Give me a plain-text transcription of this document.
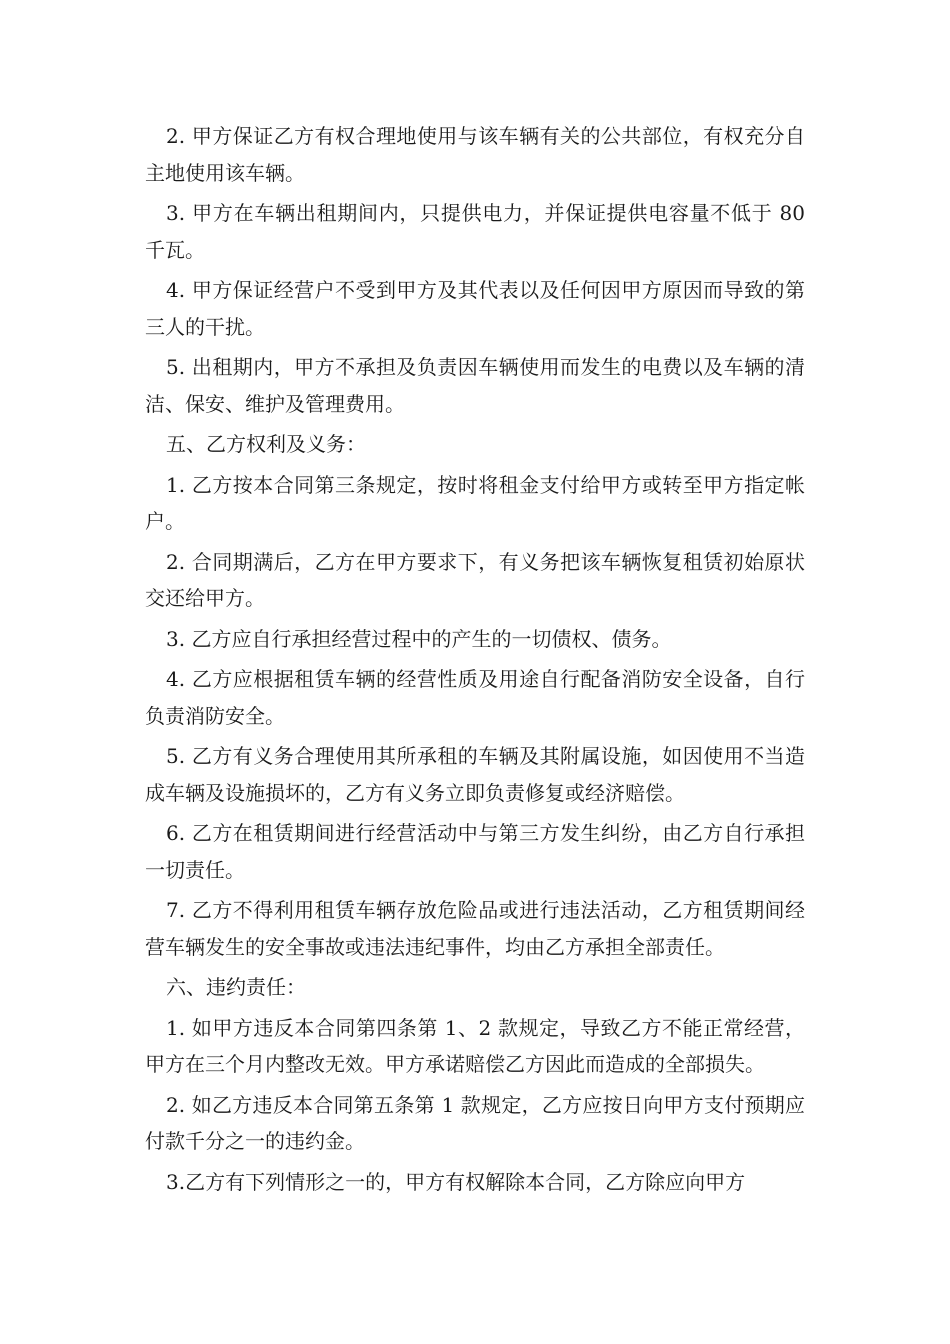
2. 甲方保证乙方有权合理地使用与该车辆有关的公共部位，有权充分自主地使用该车辆。

3. 甲方在车辆出租期间内，只提供电力，并保证提供电容量不低于 80 千瓦。

4. 甲方保证经营户不受到甲方及其代表以及任何因甲方原因而导致的第三人的干扰。

5. 出租期内，甲方不承担及负责因车辆使用而发生的电费以及车辆的清洁、保安、维护及管理费用。

五、乙方权利及义务：

1. 乙方按本合同第三条规定，按时将租金支付给甲方或转至甲方指定帐户。

2. 合同期满后，乙方在甲方要求下，有义务把该车辆恢复租赁初始原状交还给甲方。

3. 乙方应自行承担经营过程中的产生的一切债权、债务。

4. 乙方应根据租赁车辆的经营性质及用途自行配备消防安全设备，自行负责消防安全。

5. 乙方有义务合理使用其所承租的车辆及其附属设施，如因使用不当造成车辆及设施损坏的，乙方有义务立即负责修复或经济赔偿。

6. 乙方在租赁期间进行经营活动中与第三方发生纠纷，由乙方自行承担一切责任。

7. 乙方不得利用租赁车辆存放危险品或进行违法活动，乙方租赁期间经营车辆发生的安全事故或违法违纪事件，均由乙方承担全部责任。

六、违约责任：

1. 如甲方违反本合同第四条第 1、2 款规定，导致乙方不能正常经营，甲方在三个月内整改无效。甲方承诺赔偿乙方因此而造成的全部损失。

2. 如乙方违反本合同第五条第 1 款规定，乙方应按日向甲方支付预期应付款千分之一的违约金。

3.乙方有下列情形之一的，甲方有权解除本合同，乙方除应向甲方
